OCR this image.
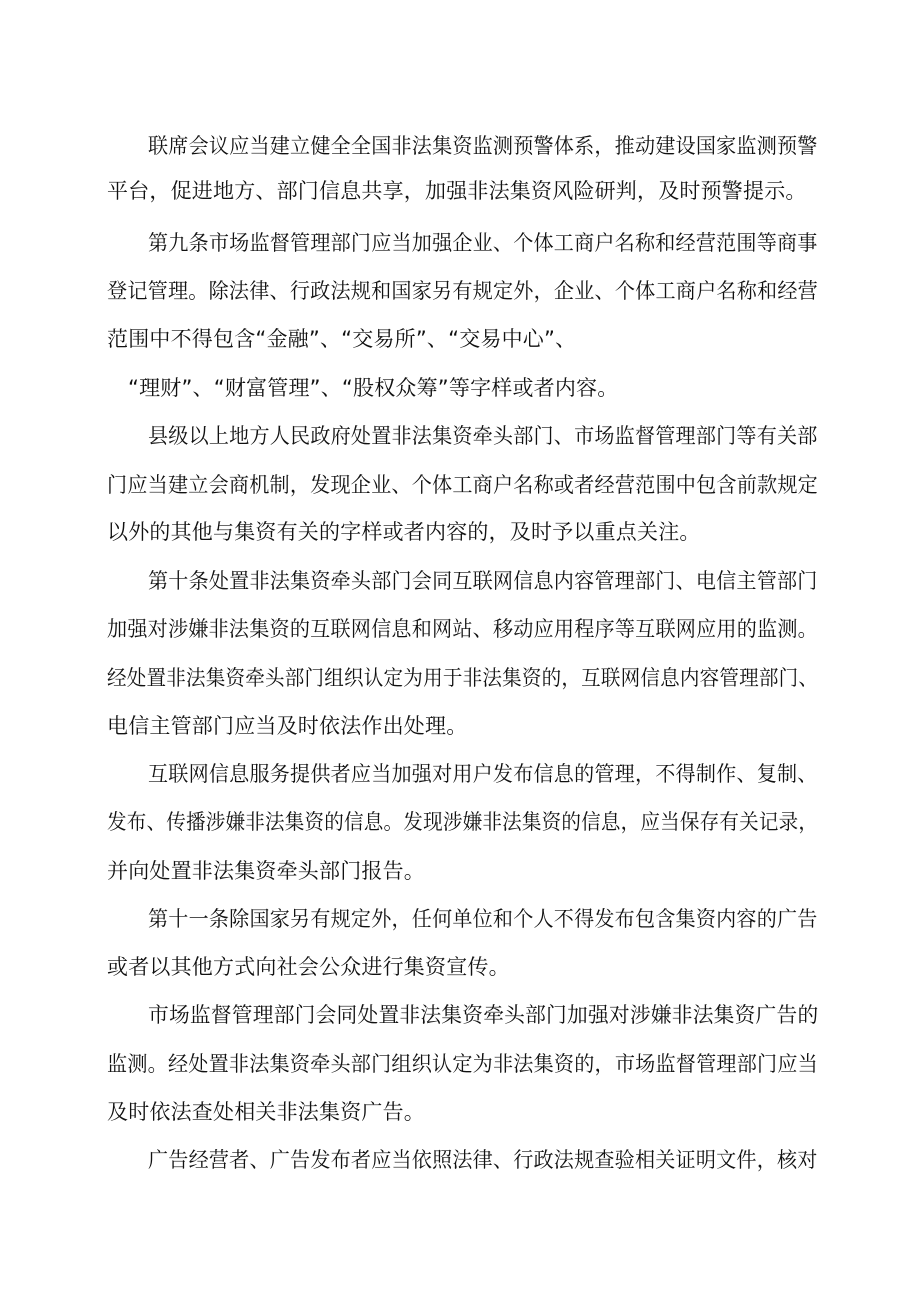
联席会议应当建立健全全国非法集资监测预警体系，推动建设国家监测预警
平台，促进地方、部门信息共享，加强非法集资风险研判，及时预警提示。
第九条市场监督管理部门应当加强企业、个体工商户名称和经营范围等商事
登记管理。除法律、行政法规和国家另有规定外，企业、个体工商户名称和经营
范围中不得包含“金融”、“交易所”、“交易中心”、
“理财”、“财富管理”、“股权众筹”等字样或者内容。
县级以上地方人民政府处置非法集资牵头部门、市场监督管理部门等有关部
门应当建立会商机制，发现企业、个体工商户名称或者经营范围中包含前款规定
以外的其他与集资有关的字样或者内容的，及时予以重点关注。
第十条处置非法集资牵头部门会同互联网信息内容管理部门、电信主管部门
加强对涉嫌非法集资的互联网信息和网站、移动应用程序等互联网应用的监测。
经处置非法集资牵头部门组织认定为用于非法集资的，互联网信息内容管理部门、
电信主管部门应当及时依法作出处理。
互联网信息服务提供者应当加强对用户发布信息的管理，不得制作、复制、
发布、传播涉嫌非法集资的信息。发现涉嫌非法集资的信息，应当保存有关记录，
并向处置非法集资牵头部门报告。
第十一条除国家另有规定外，任何单位和个人不得发布包含集资内容的广告
或者以其他方式向社会公众进行集资宣传。
市场监督管理部门会同处置非法集资牵头部门加强对涉嫌非法集资广告的
监测。经处置非法集资牵头部门组织认定为非法集资的，市场监督管理部门应当
及时依法查处相关非法集资广告。
广告经营者、广告发布者应当依照法律、行政法规查验相关证明文件，核对
